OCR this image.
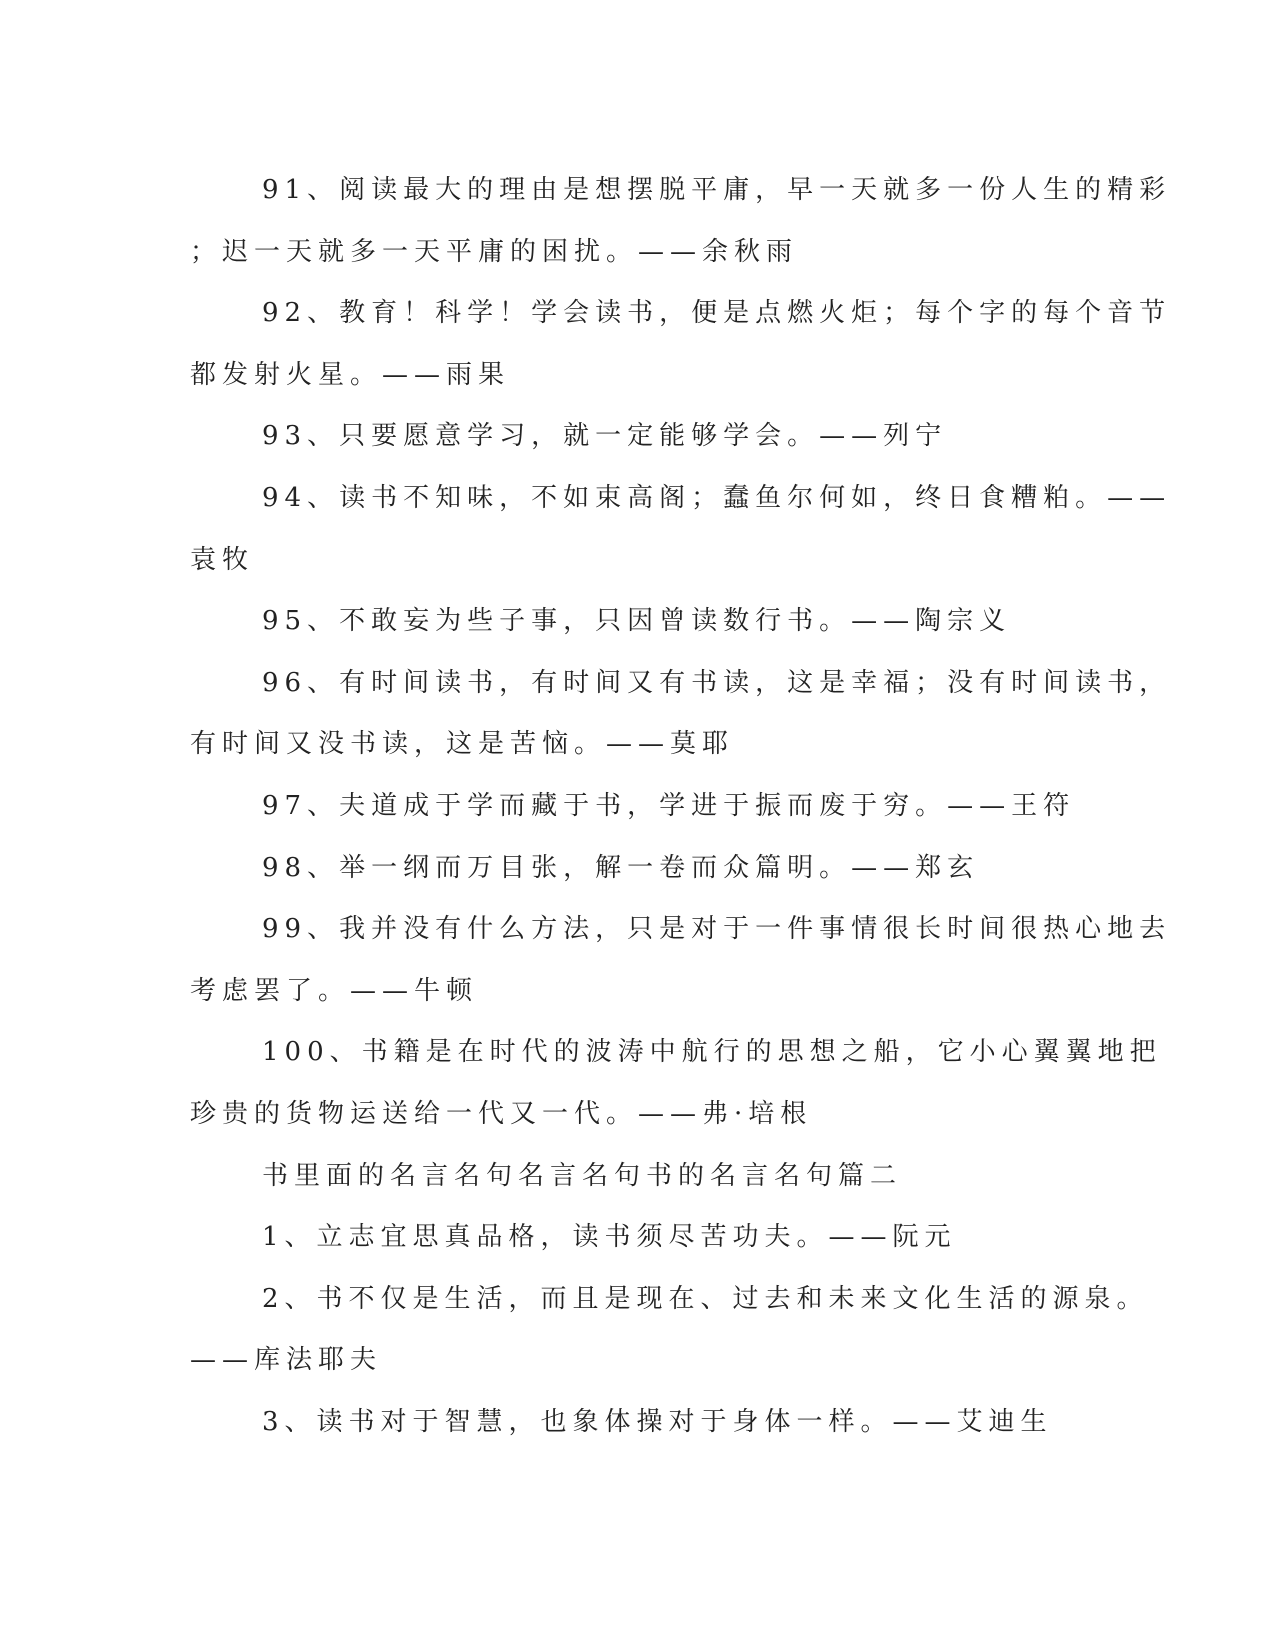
91、阅读最大的理由是想摆脱平庸，早一天就多一份人生的精彩
；迟一天就多一天平庸的困扰。——余秋雨
92、教育！科学！学会读书，便是点燃火炬；每个字的每个音节
都发射火星。——雨果
93、只要愿意学习，就一定能够学会。——列宁
94、读书不知味，不如束高阁；蠢鱼尔何如，终日食糟粕。——
袁牧
95、不敢妄为些子事，只因曾读数行书。——陶宗义
96、有时间读书，有时间又有书读，这是幸福；没有时间读书，
有时间又没书读，这是苦恼。——莫耶
97、夫道成于学而藏于书，学进于振而废于穷。——王符
98、举一纲而万目张，解一卷而众篇明。——郑玄
99、我并没有什么方法，只是对于一件事情很长时间很热心地去
考虑罢了。——牛顿
100、书籍是在时代的波涛中航行的思想之船，它小心翼翼地把
珍贵的货物运送给一代又一代。——弗·培根
书里面的名言名句名言名句书的名言名句篇二
1、立志宜思真品格，读书须尽苦功夫。——阮元
2、书不仅是生活，而且是现在、过去和未来文化生活的源泉。
——库法耶夫
3、读书对于智慧，也象体操对于身体一样。——艾迪生
